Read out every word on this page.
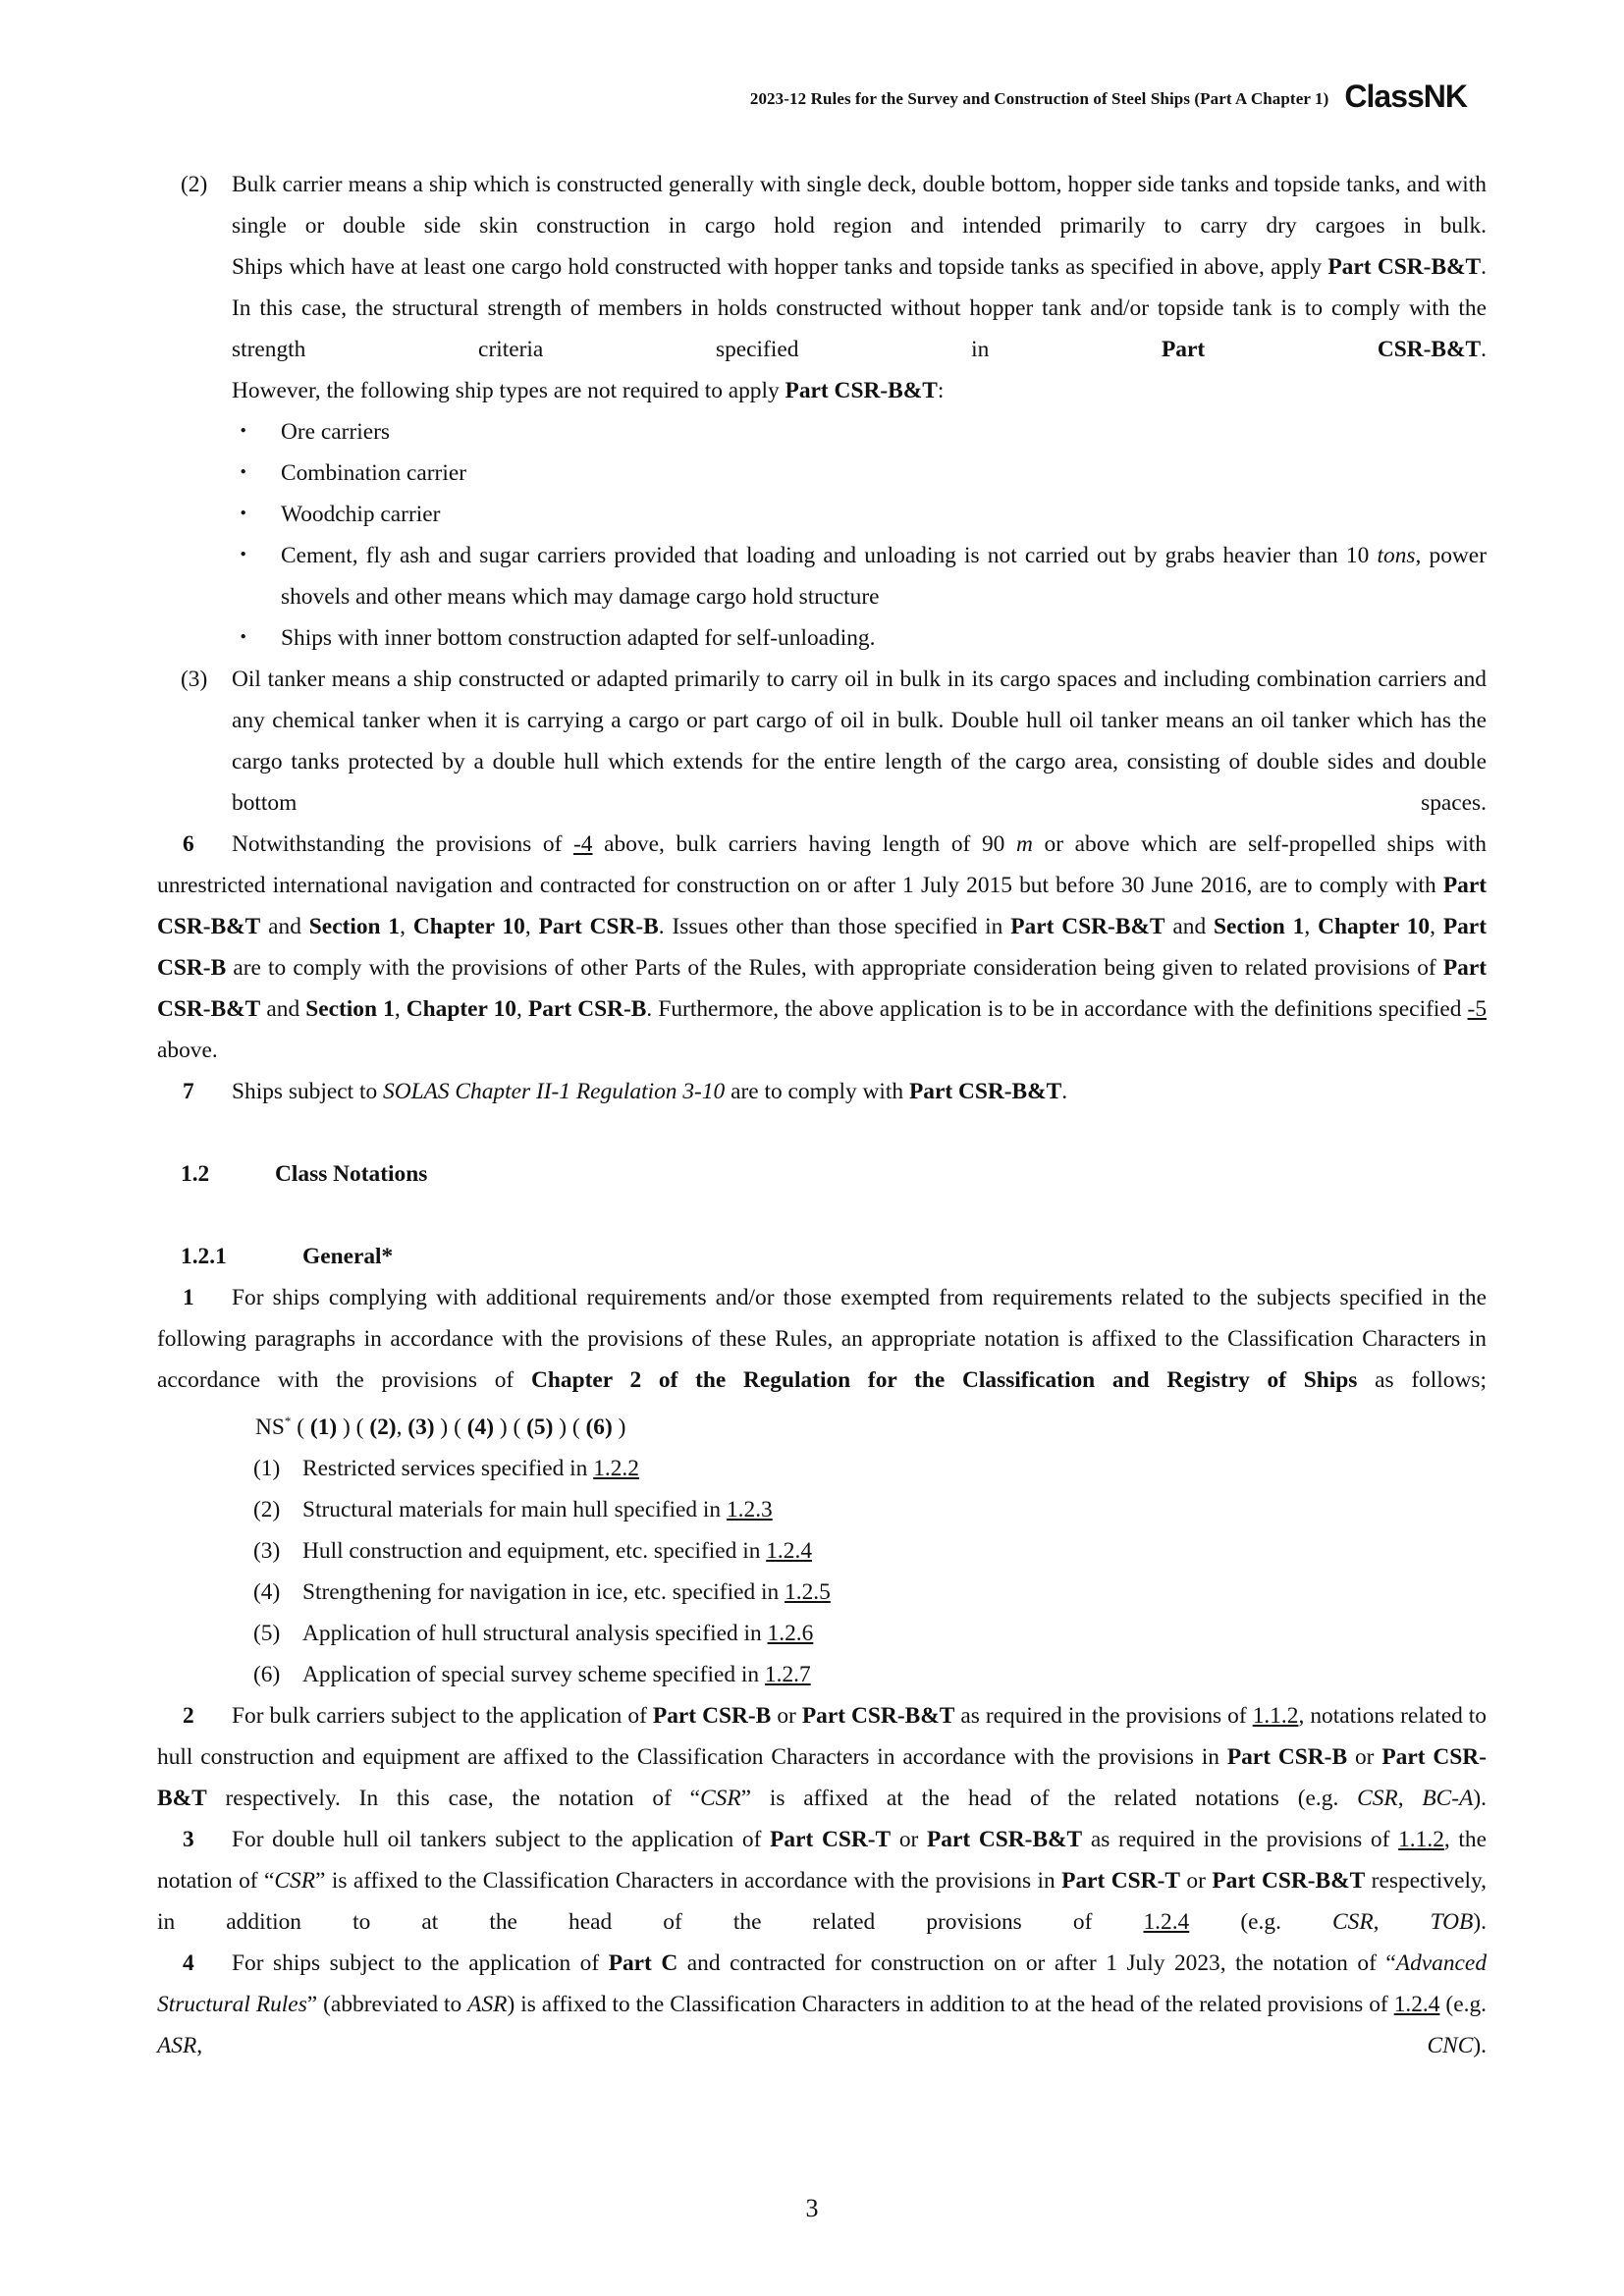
2023-12 Rules for the Survey and Construction of Steel Ships (Part A Chapter 1) ClassNK
(2) Bulk carrier means a ship which is constructed generally with single deck, double bottom, hopper side tanks and topside tanks, and with single or double side skin construction in cargo hold region and intended primarily to carry dry cargoes in bulk.
Ships which have at least one cargo hold constructed with hopper tanks and topside tanks as specified in above, apply Part CSR-B&T. In this case, the structural strength of members in holds constructed without hopper tank and/or topside tank is to comply with the strength criteria specified in Part CSR-B&T.
However, the following ship types are not required to apply Part CSR-B&T:
・ Ore carriers
・ Combination carrier
・ Woodchip carrier
・ Cement, fly ash and sugar carriers provided that loading and unloading is not carried out by grabs heavier than 10 tons, power shovels and other means which may damage cargo hold structure
・ Ships with inner bottom construction adapted for self-unloading.
(3) Oil tanker means a ship constructed or adapted primarily to carry oil in bulk in its cargo spaces and including combination carriers and any chemical tanker when it is carrying a cargo or part cargo of oil in bulk. Double hull oil tanker means an oil tanker which has the cargo tanks protected by a double hull which extends for the entire length of the cargo area, consisting of double sides and double bottom spaces.
6 Notwithstanding the provisions of -4 above, bulk carriers having length of 90 m or above which are self-propelled ships with unrestricted international navigation and contracted for construction on or after 1 July 2015 but before 30 June 2016, are to comply with Part CSR-B&T and Section 1, Chapter 10, Part CSR-B. Issues other than those specified in Part CSR-B&T and Section 1, Chapter 10, Part CSR-B are to comply with the provisions of other Parts of the Rules, with appropriate consideration being given to related provisions of Part CSR-B&T and Section 1, Chapter 10, Part CSR-B. Furthermore, the above application is to be in accordance with the definitions specified -5 above.
7 Ships subject to SOLAS Chapter II-1 Regulation 3-10 are to comply with Part CSR-B&T.
1.2	Class Notations
1.2.1	General*
1 For ships complying with additional requirements and/or those exempted from requirements related to the subjects specified in the following paragraphs in accordance with the provisions of these Rules, an appropriate notation is affixed to the Classification Characters in accordance with the provisions of Chapter 2 of the Regulation for the Classification and Registry of Ships as follows;
NS* ( (1) ) ( (2), (3) ) ( (4) ) ( (5) ) ( (6) )
(1) Restricted services specified in 1.2.2
(2) Structural materials for main hull specified in 1.2.3
(3) Hull construction and equipment, etc. specified in 1.2.4
(4) Strengthening for navigation in ice, etc. specified in 1.2.5
(5) Application of hull structural analysis specified in 1.2.6
(6) Application of special survey scheme specified in 1.2.7
2 For bulk carriers subject to the application of Part CSR-B or Part CSR-B&T as required in the provisions of 1.1.2, notations related to hull construction and equipment are affixed to the Classification Characters in accordance with the provisions in Part CSR-B or Part CSR-B&T respectively. In this case, the notation of “CSR” is affixed at the head of the related notations (e.g. CSR, BC-A).
3 For double hull oil tankers subject to the application of Part CSR-T or Part CSR-B&T as required in the provisions of 1.1.2, the notation of “CSR” is affixed to the Classification Characters in accordance with the provisions in Part CSR-T or Part CSR-B&T respectively, in addition to at the head of the related provisions of 1.2.4 (e.g. CSR, TOB).
4 For ships subject to the application of Part C and contracted for construction on or after 1 July 2023, the notation of “Advanced Structural Rules” (abbreviated to ASR) is affixed to the Classification Characters in addition to at the head of the related provisions of 1.2.4 (e.g. ASR, CNC).
3
